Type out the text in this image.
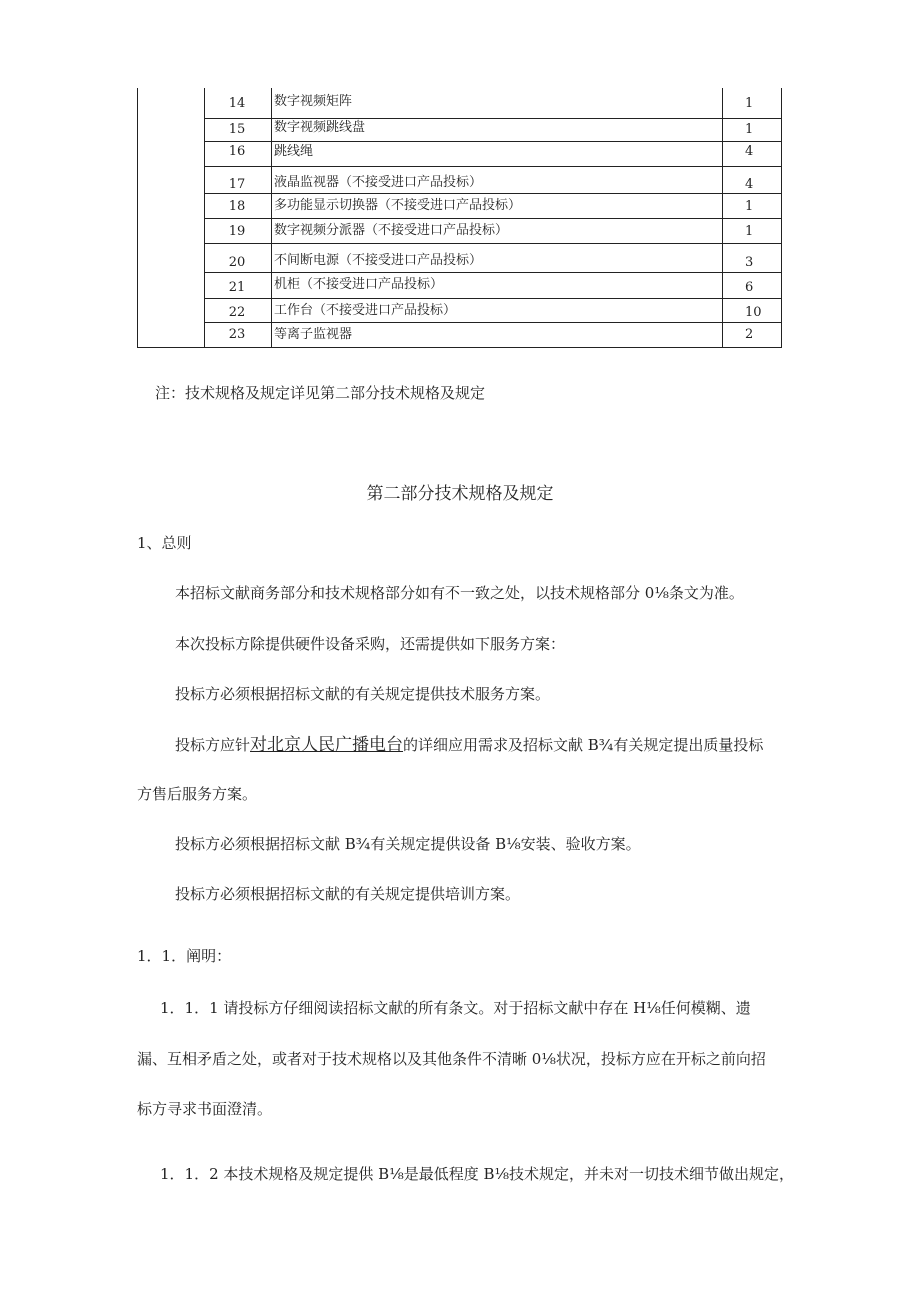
14	数字视频矩阵	1
15	数字视频跳线盘	1
16	跳线绳	4
17	液晶监视器（不接受进口产品投标）	4
18	多功能显示切换器（不接受进口产品投标）	1
19	数字视频分派器（不接受进口产品投标）	1
20	不间断电源（不接受进口产品投标）	3
21	机柜（不接受进口产品投标）	6
22	工作台（不接受进口产品投标）	10
23	等离子监视器	2
注：技术规格及规定详见第二部分技术规格及规定
第二部分技术规格及规定
1、总则
本招标文献商务部分和技术规格部分如有不一致之处，以技术规格部分 0⅛条文为准。
本次投标方除提供硬件设备采购，还需提供如下服务方案：
投标方必须根据招标文献的有关规定提供技术服务方案。
投标方应针对北京人民广播电台的详细应用需求及招标文献 B¾有关规定提出质量投标
方售后服务方案。
投标方必须根据招标文献 B¾有关规定提供设备 B⅛安装、验收方案。
投标方必须根据招标文献的有关规定提供培训方案。
1．1．阐明：
1．1．1 请投标方仔细阅读招标文献的所有条文。对于招标文献中存在 H⅛任何模糊、遗
漏、互相矛盾之处，或者对于技术规格以及其他条件不清晰 0⅛状况，投标方应在开标之前向招
标方寻求书面澄清。
1．1．2 本技术规格及规定提供 B⅛是最低程度 B⅛技术规定，并未对一切技术细节做出规定，
